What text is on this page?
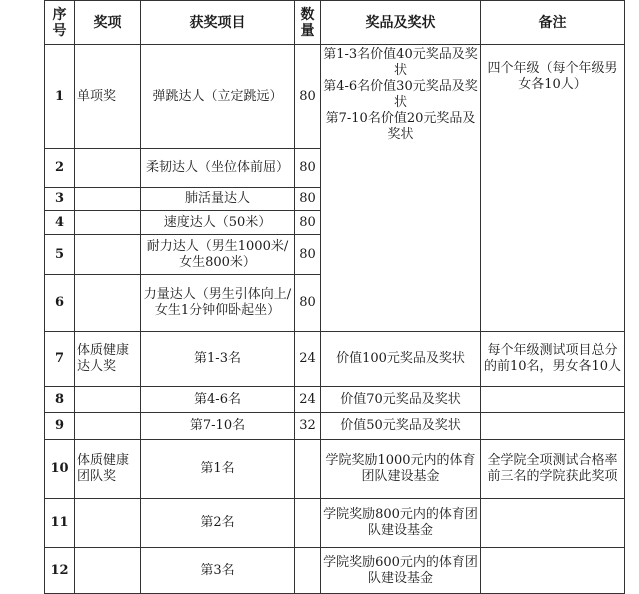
序号	奖项	获奖项目	数量	奖品及奖状	备注
1	单项奖	弹跳达人（立定跳远）	80	第1-3名价值40元奖品及奖状
第4-6名价值30元奖品及奖状
第7-10名价值20元奖品及奖状	四个年级（每个年级男女各10人）
2		柔韧达人（坐位体前屈）	80		
3		肺活量达人	80		
4		速度达人（50米）	80		
5		耐力达人（男生1000米/女生800米）	80		
6		力量达人（男生引体向上/女生1分钟仰卧起坐）	80		
7	体质健康达人奖	第1-3名	24	价值100元奖品及奖状	每个年级测试项目总分的前10名，男女各10人
8		第4-6名	24	价值70元奖品及奖状	
9		第7-10名	32	价值50元奖品及奖状	
10	体质健康团队奖	第1名		学院奖励1000元内的体育团队建设基金	全学院全项测试合格率前三名的学院获此奖项
11		第2名		学院奖励800元内的体育团队建设基金	
12		第3名		学院奖励600元内的体育团队建设基金	
